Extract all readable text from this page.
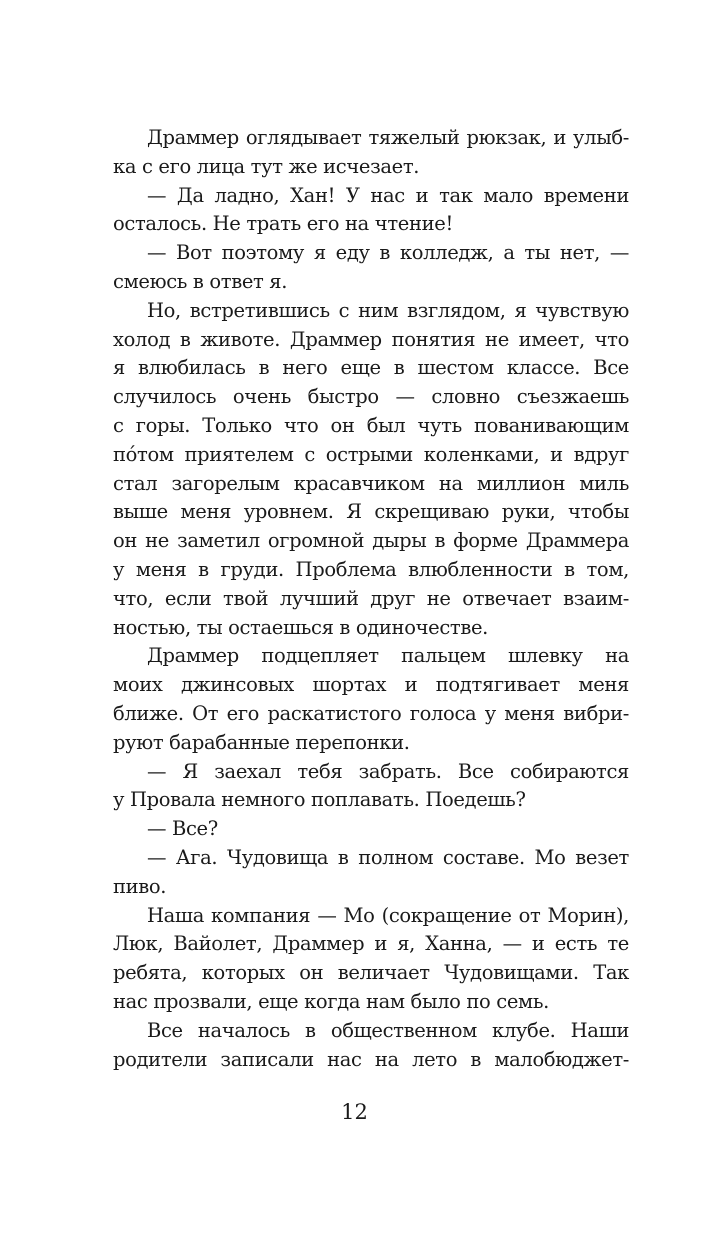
Драммер оглядывает тяжелый рюкзак, и улыб-
ка с его лица тут же исчезает.
— Да ладно, Хан! У нас и так мало времени
осталось. Не трать его на чтение!
— Вот поэтому я еду в колледж, а ты нет, —
смеюсь в ответ я.
Но, встретившись с ним взглядом, я чувствую
холод в животе. Драммер понятия не имеет, что
я влюбилась в него еще в шестом классе. Все
случилось очень быстро — словно съезжаешь
с горы. Только что он был чуть пованивающим
пóтом приятелем с острыми коленками, и вдруг
стал загорелым красавчиком на миллион миль
выше меня уровнем. Я скрещиваю руки, чтобы
он не заметил огромной дыры в форме Драммера
у меня в груди. Проблема влюбленности в том,
что, если твой лучший друг не отвечает взаим-
ностью, ты остаешься в одиночестве.
Драммер подцепляет пальцем шлевку на
моих джинсовых шортах и подтягивает меня
ближе. От его раскатистого голоса у меня вибри-
руют барабанные перепонки.
— Я заехал тебя забрать. Все собираются
у Провала немного поплавать. Поедешь?
— Все?
— Ага. Чудовища в полном составе. Мо везет
пиво.
Наша компания — Мо (сокращение от Морин),
Люк, Вайолет, Драммер и я, Ханна, — и есть те
ребята, которых он величает Чудовищами. Так
нас прозвали, еще когда нам было по семь.
Все началось в общественном клубе. Наши
родители записали нас на лето в малобюджет-
12
